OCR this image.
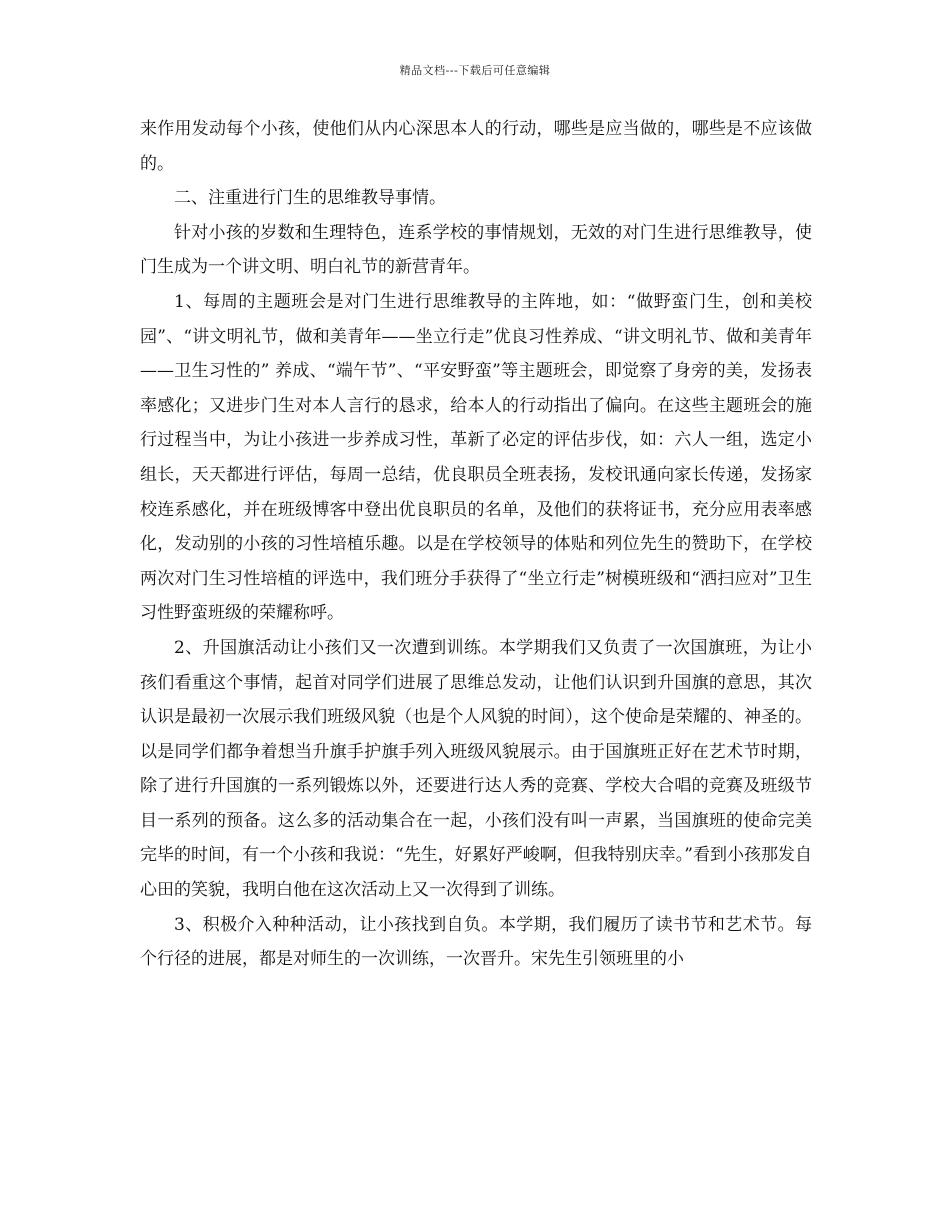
精品文档---下载后可任意编辑

来作用发动每个小孩，使他们从内心深思本人的行动，哪些是应当做的，哪些是不应该做的。

二、注重进行门生的思维教导事情。

针对小孩的岁数和生理特色，连系学校的事情规划，无效的对门生进行思维教导，使门生成为一个讲文明、明白礼节的新营青年。

1、每周的主题班会是对门生进行思维教导的主阵地，如：“做野蛮门生，创和美校园”、“讲文明礼节，做和美青年——坐立行走”优良习性养成、“讲文明礼节、做和美青年——卫生习性的” 养成、“端午节”、“平安野蛮”等主题班会，即觉察了身旁的美，发扬表率感化；又进步门生对本人言行的恳求，给本人的行动指出了偏向。在这些主题班会的施行过程当中，为让小孩进一步养成习性，革新了必定的评估步伐，如：六人一组，选定小组长，天天都进行评估，每周一总结，优良职员全班表扬，发校讯通向家长传递，发扬家校连系感化，并在班级博客中登出优良职员的名单，及他们的获将证书，充分应用表率感化，发动别的小孩的习性培植乐趣。以是在学校领导的体贴和列位先生的赞助下，在学校两次对门生习性培植的评选中，我们班分手获得了“坐立行走”树模班级和“洒扫应对”卫生习性野蛮班级的荣耀称呼。

2、升国旗活动让小孩们又一次遭到训练。本学期我们又负责了一次国旗班，为让小孩们看重这个事情，起首对同学们进展了思维总发动，让他们认识到升国旗的意思，其次认识是最初一次展示我们班级风貌（也是个人风貌的时间），这个使命是荣耀的、神圣的。以是同学们都争着想当升旗手护旗手列入班级风貌展示。由于国旗班正好在艺术节时期，除了进行升国旗的一系列锻炼以外，还要进行达人秀的竞赛、学校大合唱的竞赛及班级节目一系列的预备。这么多的活动集合在一起，小孩们没有叫一声累，当国旗班的使命完美完毕的时间，有一个小孩和我说：“先生，好累好严峻啊，但我特别庆幸。”看到小孩那发自心田的笑貌，我明白他在这次活动上又一次得到了训练。

3、积极介入种种活动，让小孩找到自负。本学期，我们履历了读书节和艺术节。每个行径的进展，都是对师生的一次训练，一次晋升。宋先生引领班里的小
